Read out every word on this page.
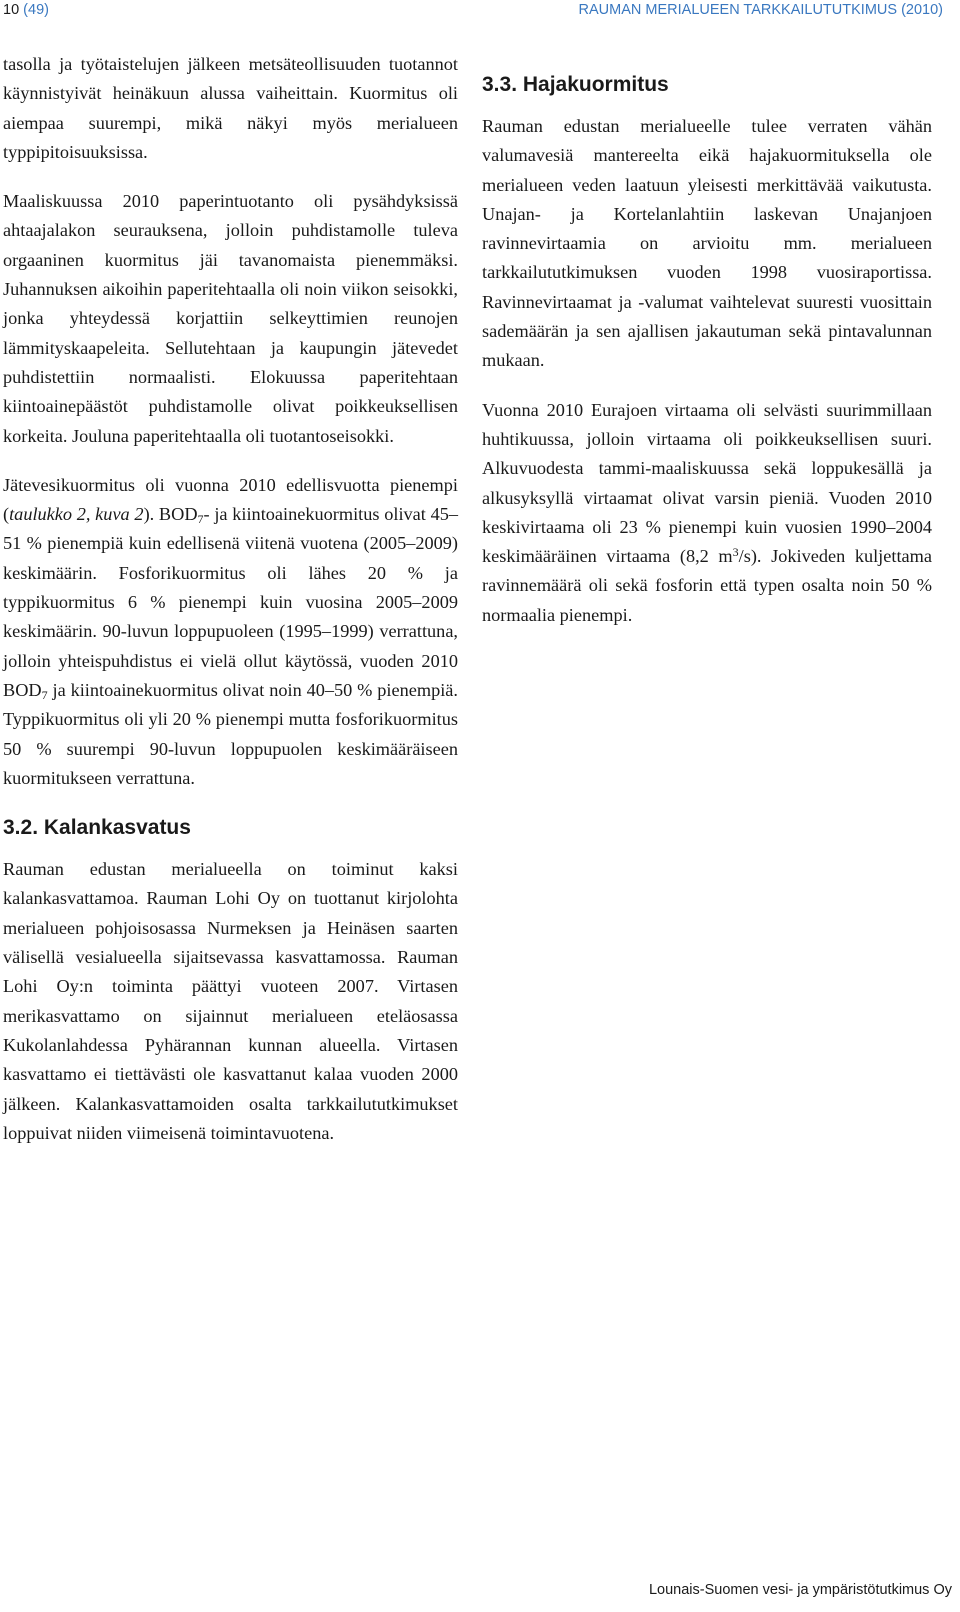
10 (49)	RAUMAN MERIALUEEN TARKKAILUTUTKIMUS (2010)

tasolla ja työtaistelujen jälkeen metsäteollisuuden tuotannot käynnistyivät heinäkuun alussa vaiheittain. Kuormitus oli aiempaa suurempi, mikä näkyi myös merialueen typpipitoisuuksissa.

Maaliskuussa 2010 paperintuotanto oli pysähdyksissä ahtaajalakon seurauksena, jolloin puhdistamolle tuleva orgaaninen kuormitus jäi tavanomaista pienemmäksi. Juhannuksen aikoihin paperitehtaalla oli noin viikon seisokki, jonka yhteydessä korjattiin selkeyttimien reunojen lämmityskaapeleita. Sellutehtaan ja kaupungin jätevedet puhdistettiin normaalisti. Elokuussa paperitehtaan kiintoainepäästöt puhdistamolle olivat poikkeuksellisen korkeita. Jouluna paperitehtaalla oli tuotantoseisokki.

Jätevesikuormitus oli vuonna 2010 edellisvuotta pienempi (taulukko 2, kuva 2). $BOD_7-$ ja kiintoainekuormitus olivat 45–51 % pienempiä kuin edellisenä viitenä vuotena (2005–2009) keskimäärin. Fosforikuormitus oli lähes 20 % ja typpikuormitus 6 % pienempi kuin vuosina 2005–2009 keskimäärin. 90-luvun loppupuoleen (1995–1999) verrattuna, jolloin yhteispuhdistus ei vielä ollut käytössä, vuoden 2010 $BOD_7$ ja kiintoainekuormitus olivat noin 40–50 % pienempiä. Typpikuormitus oli yli 20 % pienempi mutta fosforikuormitus 50 % suurempi 90-luvun loppupuolen keskimääräiseen kuormitukseen verrattuna.

3.2. Kalankasvatus

Rauman edustan merialueella on toiminut kaksi kalankasvattamoa. Rauman Lohi Oy on tuottanut kirjolohta merialueen pohjoisosassa Nurmeksen ja Heinäsen saarten välisellä vesialueella sijaitsevassa kasvattamossa. Rauman Lohi Oy:n toiminta päättyi vuoteen 2007. Virtasen merikasvattamo on sijainnut merialueen eteläosassa Kukolanlahdessa Pyhärannan kunnan alueella. Virtasen kasvattamo ei tiettävästi ole kasvattanut kalaa vuoden 2000 jälkeen. Kalankasvattamoiden osalta tarkkailututkimukset loppuivat niiden viimeisenä toimintavuotena.

3.3. Hajakuormitus

Rauman edustan merialueelle tulee verraten vähän valumavesiä mantereelta eikä hajakuormituksella ole merialueen veden laatuun yleisesti merkittävää vaikutusta. Unajan- ja Kortelanlahtiin laskevan Unajanjoen ravinnevirtaamia on arvioitu mm. merialueen tarkkailututkimuksen vuoden 1998 vuosiraportissa. Ravinnevirtaamat ja -valumat vaihtelevat suuresti vuosittain sademäärän ja sen ajallisen jakautuman sekä pintavalunnan mukaan.

Vuonna 2010 Eurajoen virtaama oli selvästi suurimmillaan huhtikuussa, jolloin virtaama oli poikkeuksellisen suuri. Alkuvuodesta tammi-maaliskuussa sekä loppukesällä ja alkusyksyllä virtaamat olivat varsin pieniä. Vuoden 2010 keskivirtaama oli 23 % pienempi kuin vuosien 1990–2004 keskimääräinen virtaama (8,2 $m^3/s$). Jokiveden kuljettama ravinnemäärä oli sekä fosforin että typen osalta noin 50 % normaalia pienempi.

Lounais-Suomen vesi- ja ympäristötutkimus Oy
